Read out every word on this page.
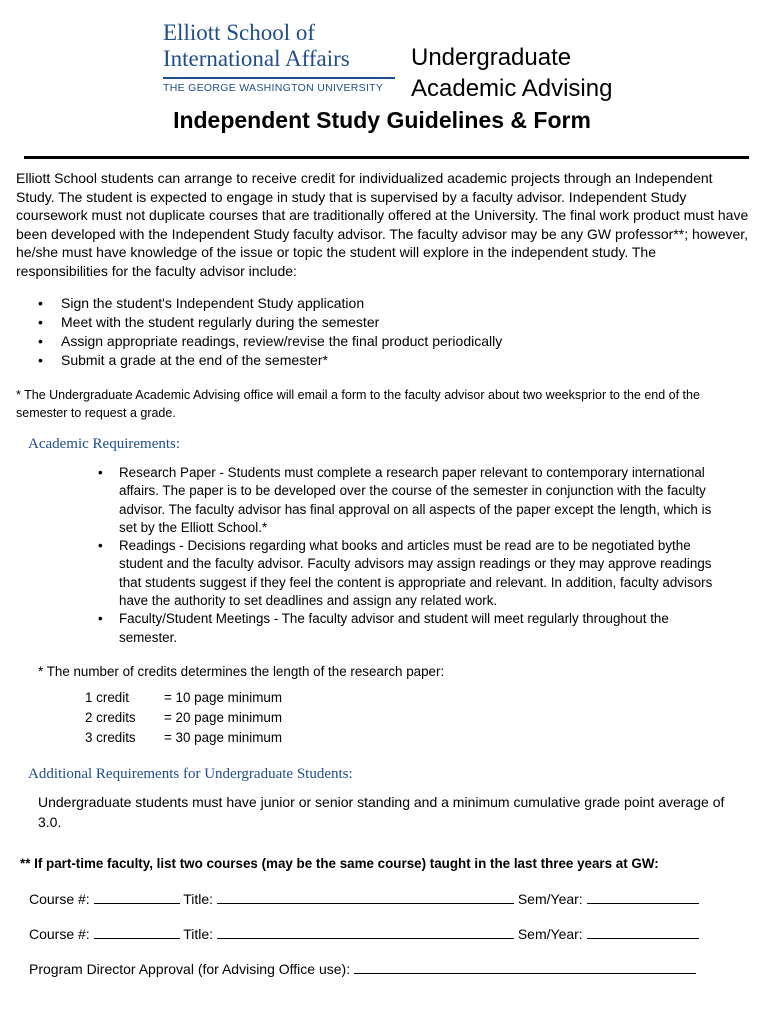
Elliott School of
International Affairs
THE GEORGE WASHINGTON UNIVERSITY
Undergraduate
Academic Advising
Independent Study Guidelines & Form
Elliott School students can arrange to receive credit for individualized academic projects through an Independent Study. The student is expected to engage in study that is supervised by a faculty advisor. Independent Study coursework must not duplicate courses that are traditionally offered at the University. The final work product must have been developed with the Independent Study faculty advisor. The faculty advisor may be any GW professor**; however, he/she must have knowledge of the issue or topic the student will explore in the independent study. The responsibilities for the faculty advisor include:
• Sign the student's Independent Study application
• Meet with the student regularly during the semester
• Assign appropriate readings, review/revise the final product periodically
• Submit a grade at the end of the semester*
* The Undergraduate Academic Advising office will email a form to the faculty advisor about two weeksprior to the end of the semester to request a grade.
Academic Requirements:
• Research Paper - Students must complete a research paper relevant to contemporary international affairs. The paper is to be developed over the course of the semester in conjunction with the faculty advisor. The faculty advisor has final approval on all aspects of the paper except the length, which is set by the Elliott School.*
• Readings - Decisions regarding what books and articles must be read are to be negotiated bythe student and the faculty advisor. Faculty advisors may assign readings or they may approve readings that students suggest if they feel the content is appropriate and relevant. In addition, faculty advisors have the authority to set deadlines and assign any related work.
• Faculty/Student Meetings - The faculty advisor and student will meet regularly throughout the semester.
* The number of credits determines the length of the research paper:
1 credit	= 10 page minimum
2 credits	= 20 page minimum
3 credits	= 30 page minimum
Additional Requirements for Undergraduate Students:
Undergraduate students must have junior or senior standing and a minimum cumulative grade point average of 3.0.
** If part-time faculty, list two courses (may be the same course) taught in the last three years at GW:
Course #:	Title:	Sem/Year:
Course #:	Title:	Sem/Year:
Program Director Approval (for Advising Office use):
